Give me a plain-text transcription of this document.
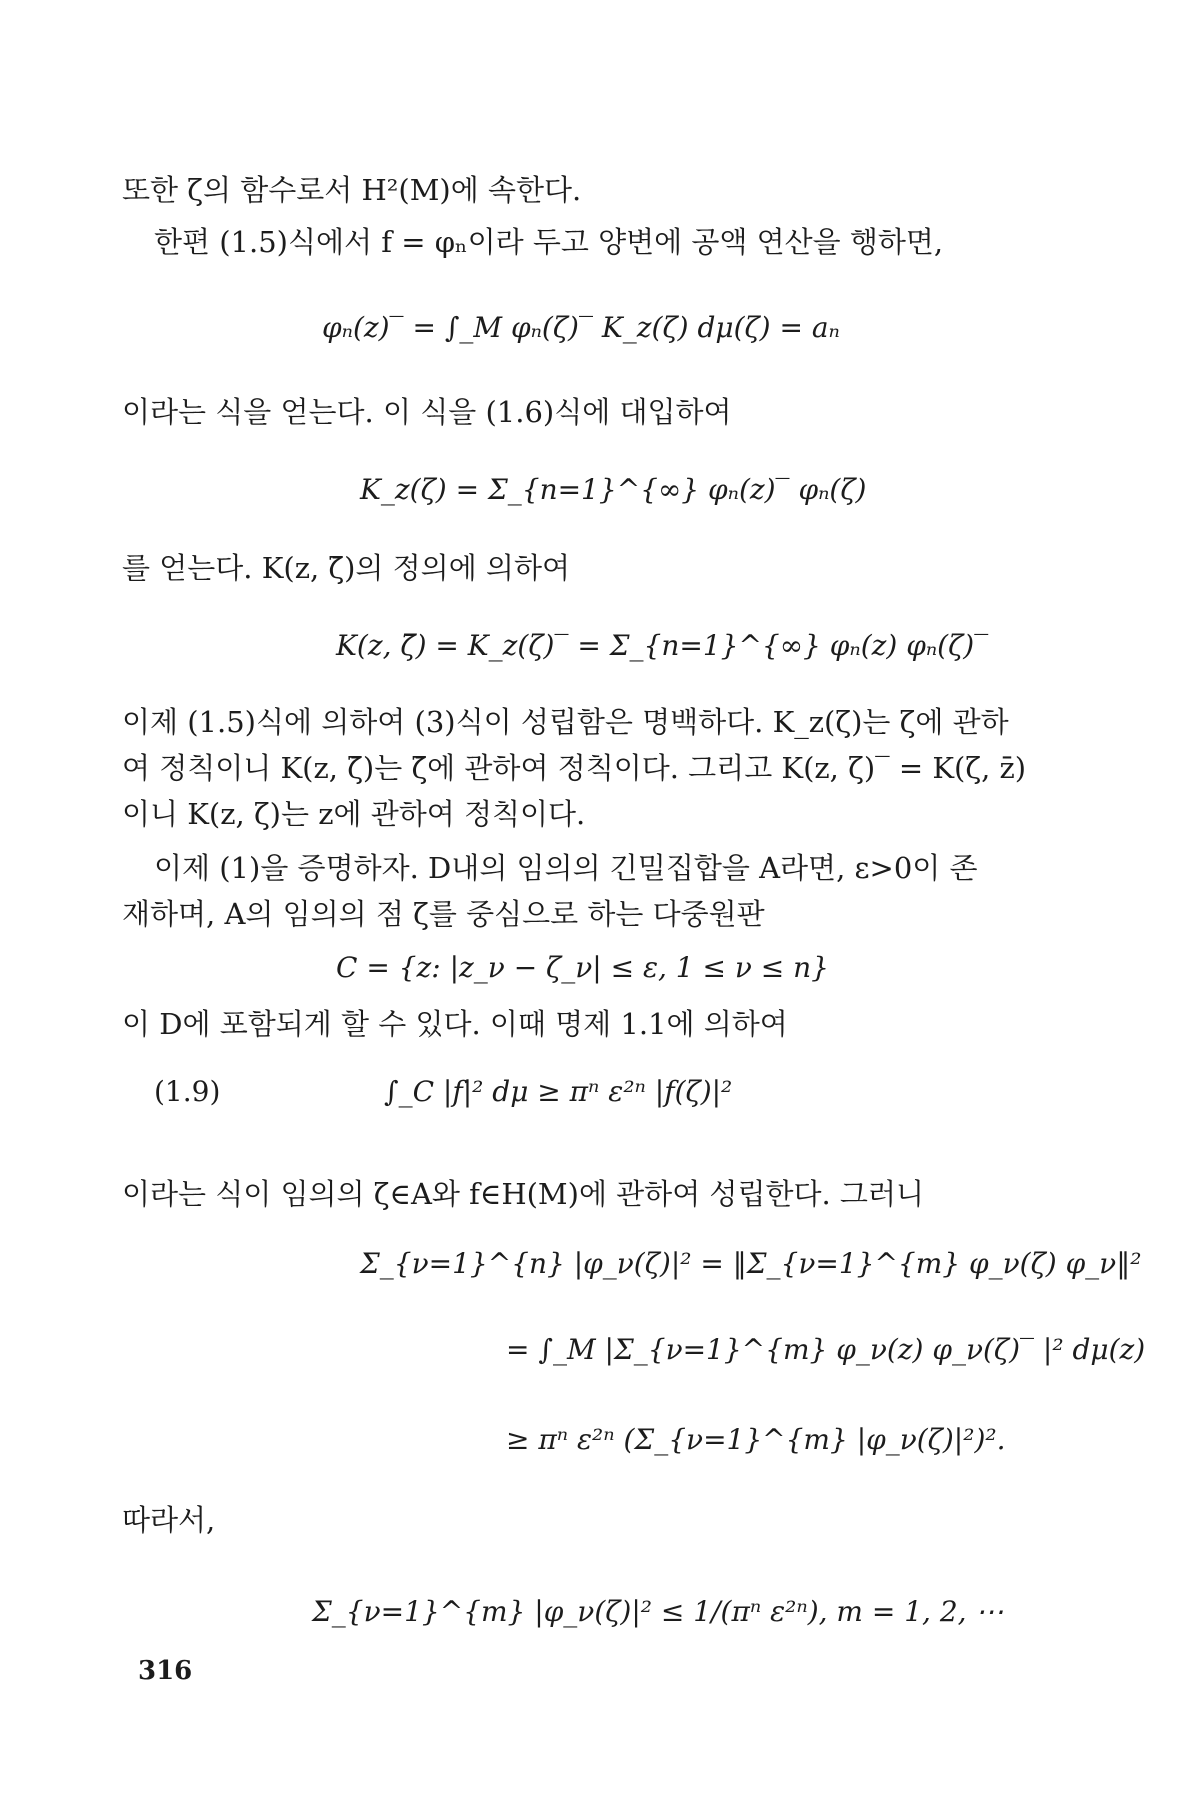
또한 ζ의 함수로서 H²(M)에 속한다.
한편 (1.5)식에서 f = φₙ이라 두고 양변에 공액 연산을 행하면,
φₙ(z)‾ = ∫_M φₙ(ζ)‾ K_z(ζ) dμ(ζ) = aₙ
이라는 식을 얻는다. 이 식을 (1.6)식에 대입하여
K_z(ζ) = Σ_{n=1}^{∞} φₙ(z)‾ φₙ(ζ)
를 얻는다. K(z, ζ̄)의 정의에 의하여
K(z, ζ̄) = K_z(ζ)‾ = Σ_{n=1}^{∞} φₙ(z) φₙ(ζ)‾
이제 (1.5)식에 의하여 (3)식이 성립함은 명백하다. K_z(ζ)는 ζ에 관하
여 정칙이니 K(z, ζ̄)는 ζ̄에 관하여 정칙이다. 그리고 K(z, ζ)‾ = K(ζ, z̄)
이니 K(z, ζ)는 z에 관하여 정칙이다.
이제 (1)을 증명하자. D내의 임의의 긴밀집합을 A라면, ε>0이 존
재하며, A의 임의의 점 ζ를 중심으로 하는 다중원판
C = {z: |z_ν − ζ_ν| ≤ ε, 1 ≤ ν ≤ n}
이 D에 포함되게 할 수 있다. 이때 명제 1.1에 의하여
(1.9)	∫_C |f|² dμ ≥ πⁿ ε²ⁿ |f(ζ)|²
이라는 식이 임의의 ζ∈A와 f∈H(M)에 관하여 성립한다. 그러니
Σ_{ν=1}^{n} |φ_ν(ζ)|² = ‖Σ_{ν=1}^{m} φ_ν(ζ) φ_ν‖²
= ∫_M |Σ_{ν=1}^{m} φ_ν(z) φ_ν(ζ)‾ |² dμ(z)
≥ πⁿ ε²ⁿ (Σ_{ν=1}^{m} |φ_ν(ζ)|²)².
따라서,
Σ_{ν=1}^{m} |φ_ν(ζ)|² ≤ 1/(πⁿ ε²ⁿ), m = 1, 2, ⋯
316
